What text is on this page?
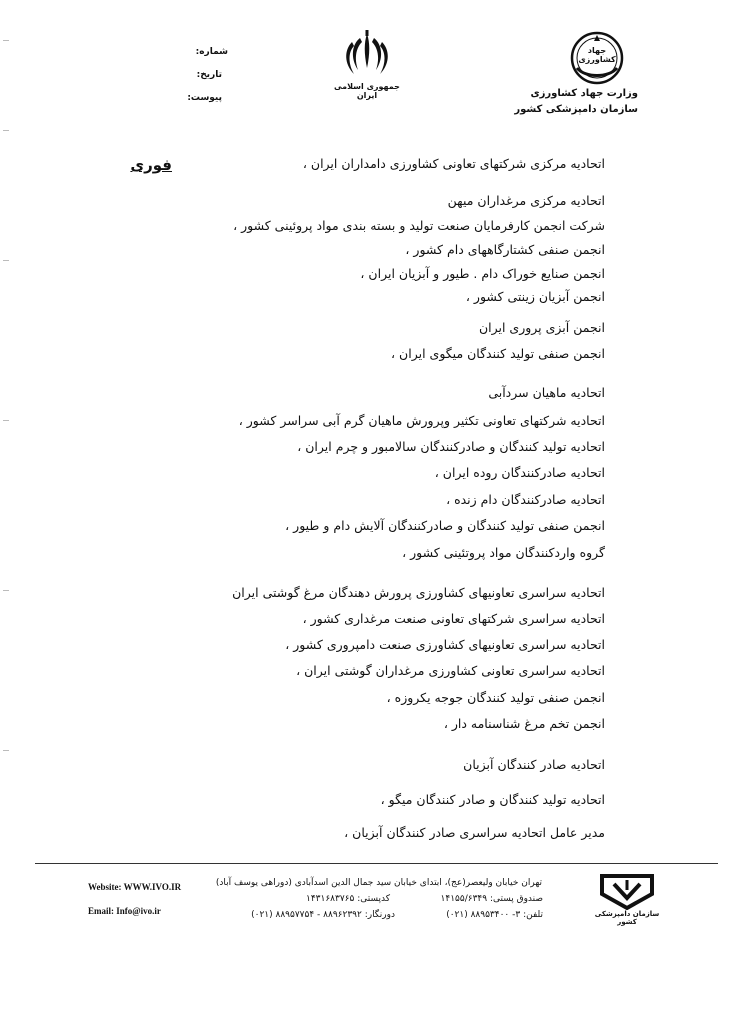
شماره:
تاریخ:
پیوست:
جمهوری اسلامی ایران
جهاد کشاورزی
وزارت جهاد کشاورزی
سازمان دامپزشکی کشور
فوری	اتحادیه مرکزی شرکتهای تعاونی کشاورزی دامداران ایران ،
اتحادیه مرکزی مرغداران میهن
شرکت انجمن کارفرمایان صنعت تولید و بسته بندی مواد پروئینی کشور ،
انجمن صنفی کشتارگاههای دام کشور ،
انجمن صنایع خوراک دام . طیور و آبزیان ایران ،
انجمن آبزیان زینتی کشور ،
انجمن آبزی پروری ایران
انجمن صنفی تولید کنندگان میگوی ایران ،
اتحادیه ماهیان سردآبی
اتحادیه شرکتهای تعاونی تکثیر وپرورش ماهیان گرم آبی سراسر کشور ،
اتحادیه تولید کنندگان و صادرکنندگان سالامبور و چرم ایران ،
اتحادیه صادرکنندگان روده ایران ،
اتحادیه صادرکنندگان دام زنده ،
انجمن صنفی تولید کنندگان و صادرکنندگان آلایش دام و طیور ،
گروه واردکنندگان مواد پروتئینی کشور ،
اتحادیه سراسری تعاونیهای کشاورزی پرورش دهندگان مرغ گوشتی ایران
اتحادیه سراسری شرکتهای تعاونی صنعت مرغداری کشور ،
اتحادیه سراسری تعاونیهای کشاورزی صنعت دامپروری کشور ،
اتحادیه سراسری تعاونی کشاورزی مرغداران گوشتی ایران ،
انجمن صنفی تولید کنندگان جوجه یکروزه ،
انجمن تخم مرغ شناسنامه دار ،
اتحادیه صادر کنندگان آبزیان
اتحادیه تولید کنندگان و صادر کنندگان میگو ،
مدیر عامل اتحادیه سراسری صادر کنندگان آبزیان ،
Website: WWW.IVO.IR
Email: Info@ivo.ir
تهران خیابان ولیعصر(عج)، ابتدای خیابان سید جمال الدین اسدآبادی (دوراهی یوسف آباد)
صندوق پستی: ۱۴۱۵۵/۶۳۴۹
کدپستی: ۱۴۳۱۶۸۳۷۶۵
تلفن: ۳- ۸۸۹۵۳۴۰۰ (۰۲۱)
دورنگار: ۸۸۹۶۲۳۹۲ - ۸۸۹۵۷۷۵۴ (۰۲۱)	سازمان دامپزشکی کشور
